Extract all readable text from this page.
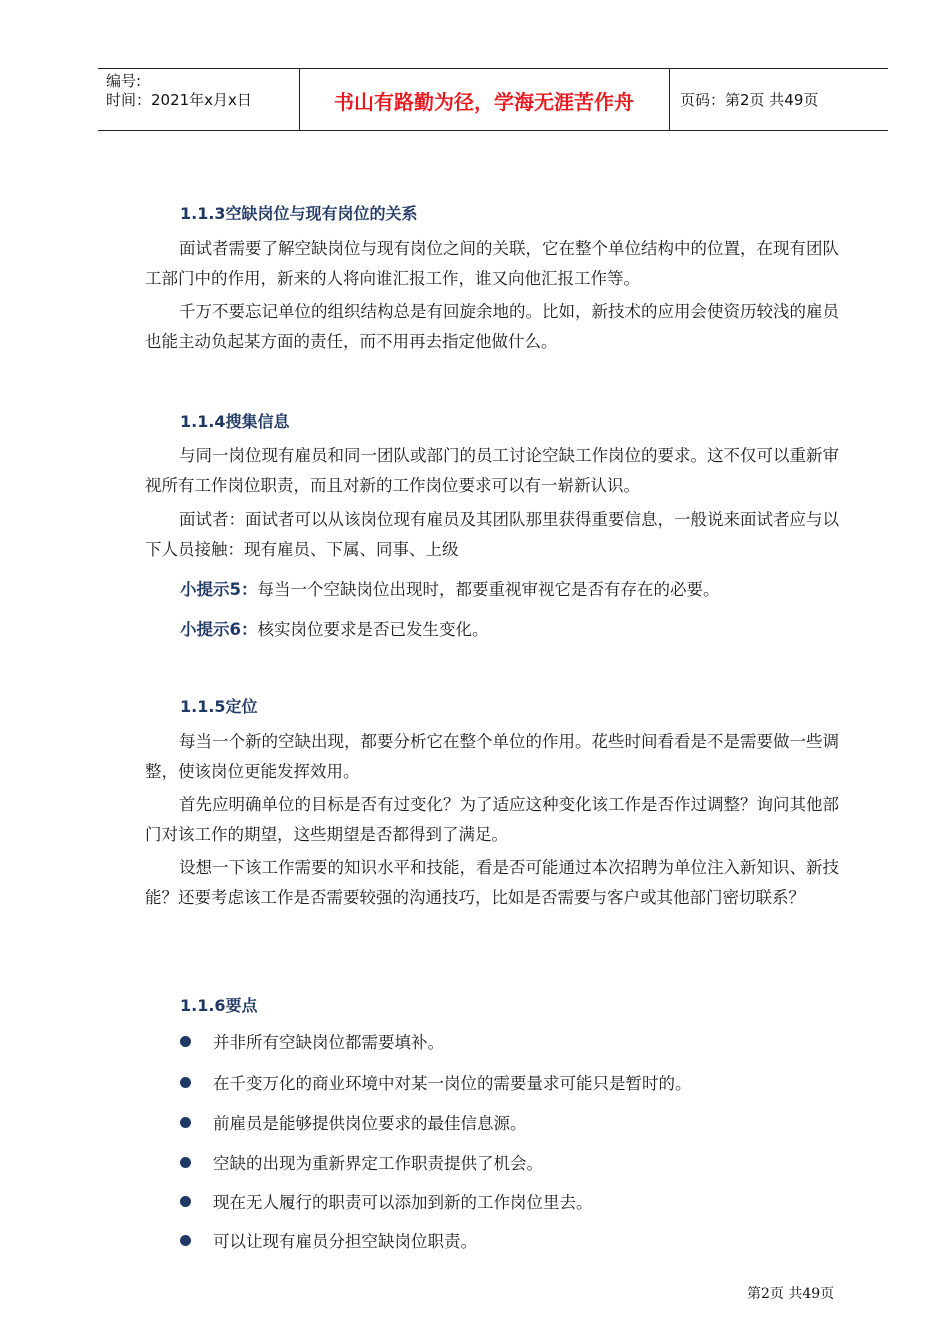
编号:
时间：2021年x月x日	书山有路勤为径，学海无涯苦作舟	页码：第2页 共49页
1.1.3空缺岗位与现有岗位的关系

面试者需要了解空缺岗位与现有岗位之间的关联，它在整个单位结构中的位置，在现有团队工部门中的作用，新来的人将向谁汇报工作，谁又向他汇报工作等。

千万不要忘记单位的组织结构总是有回旋余地的。比如，新技术的应用会使资历较浅的雇员也能主动负起某方面的责任，而不用再去指定他做什么。

1.1.4搜集信息

与同一岗位现有雇员和同一团队或部门的员工讨论空缺工作岗位的要求。这不仅可以重新审视所有工作岗位职责，而且对新的工作岗位要求可以有一崭新认识。

面试者：面试者可以从该岗位现有雇员及其团队那里获得重要信息，一般说来面试者应与以下人员接触：现有雇员、下属、同事、上级

小提示5：每当一个空缺岗位出现时，都要重视审视它是否有存在的必要。
小提示6：核实岗位要求是否已发生变化。
1.1.5定位

每当一个新的空缺出现，都要分析它在整个单位的作用。花些时间看看是不是需要做一些调整，使该岗位更能发挥效用。

首先应明确单位的目标是否有过变化？为了适应这种变化该工作是否作过调整？询问其他部门对该工作的期望，这些期望是否都得到了满足。

设想一下该工作需要的知识水平和技能，看是否可能通过本次招聘为单位注入新知识、新技能？还要考虑该工作是否需要较强的沟通技巧，比如是否需要与客户或其他部门密切联系？

1.1.6要点
并非所有空缺岗位都需要填补。
在千变万化的商业环境中对某一岗位的需要量求可能只是暂时的。
前雇员是能够提供岗位要求的最佳信息源。
空缺的出现为重新界定工作职责提供了机会。
现在无人履行的职责可以添加到新的工作岗位里去。
可以让现有雇员分担空缺岗位职责。
第2页 共49页
